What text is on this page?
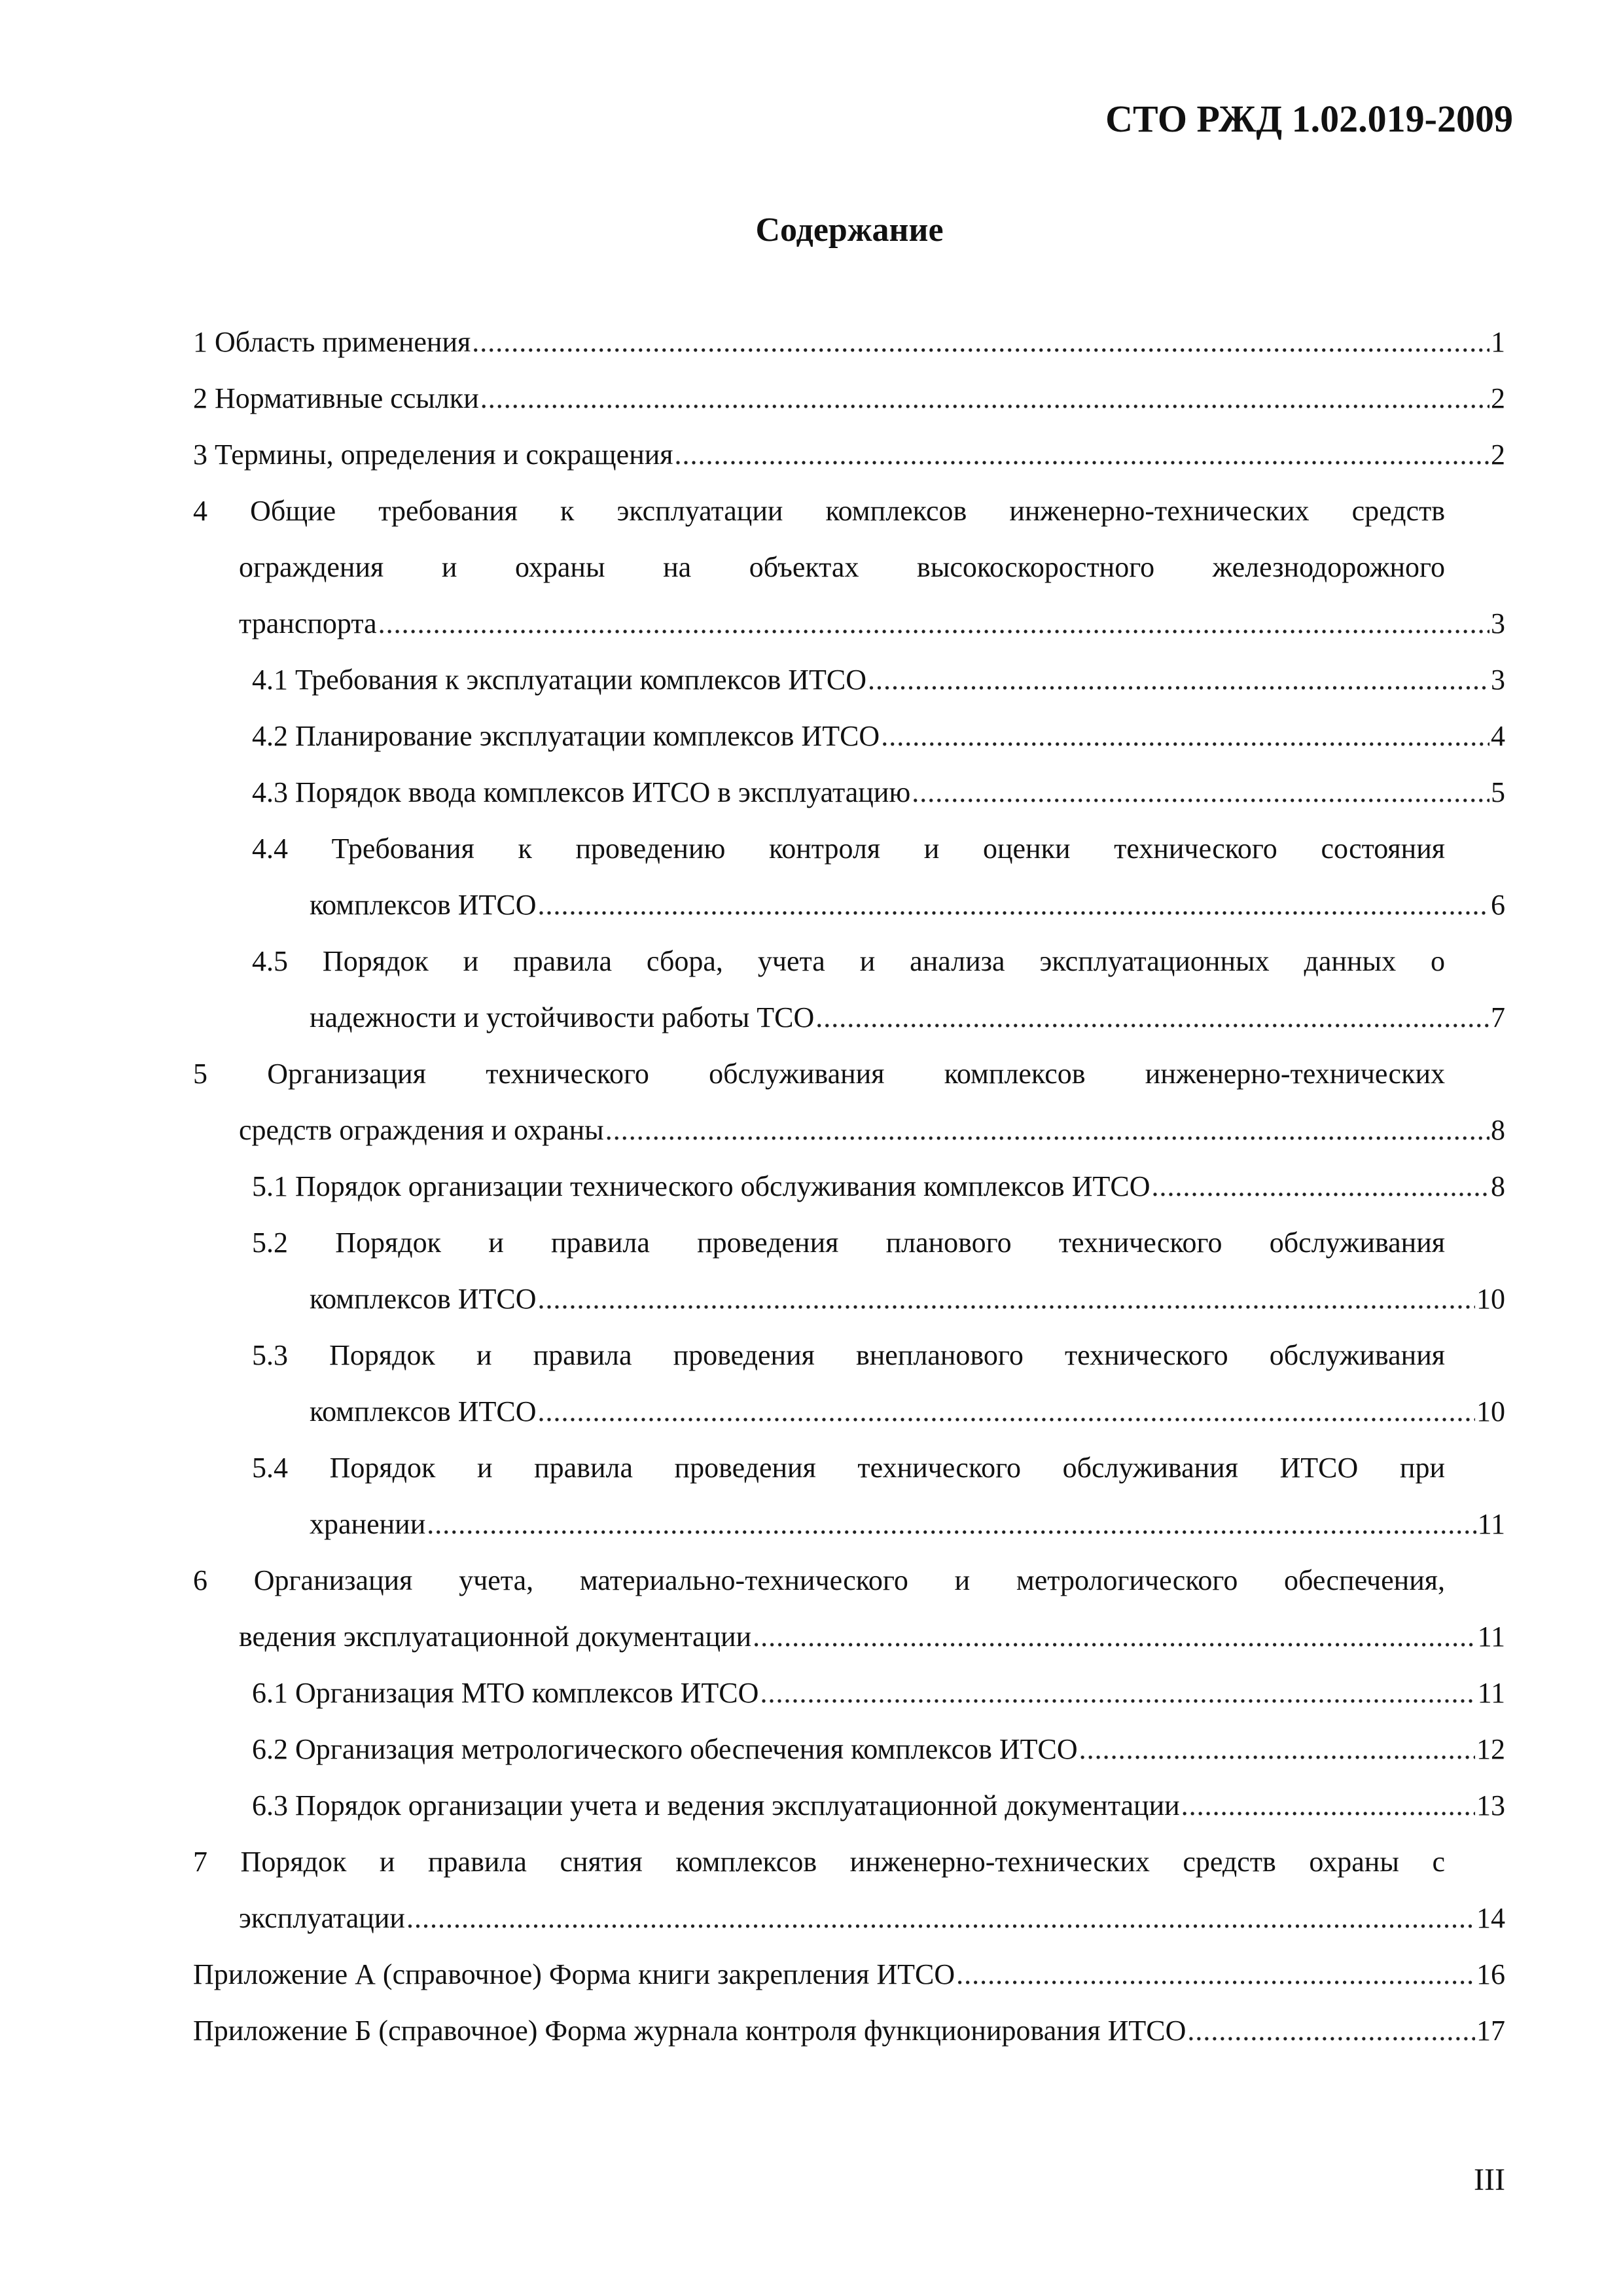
СТО РЖД 1.02.019-2009
Содержание
1 Область применения .....	1
2 Нормативные ссылки .....	2
3 Термины, определения и сокращения .....	2
4 Общие требования к эксплуатации комплексов инженерно-технических средств
ограждения и охраны на объектах высокоскоростного железнодорожного
транспорта .....	3
4.1 Требования к эксплуатации комплексов ИТСО .....	3
4.2 Планирование эксплуатации комплексов ИТСО .....	4
4.3 Порядок ввода комплексов ИТСО в эксплуатацию .....	5
4.4 Требования к проведению контроля и оценки технического состояния
комплексов ИТСО .....	6
4.5 Порядок и правила сбора, учета и анализа эксплуатационных данных о
надежности и устойчивости работы ТСО .....	7
5 Организация технического обслуживания комплексов инженерно-технических
средств ограждения и охраны .....	8
5.1 Порядок организации технического обслуживания комплексов ИТСО .....	8
5.2 Порядок и правила проведения планового технического обслуживания
комплексов ИТСО .....	10
5.3 Порядок и правила проведения внепланового технического обслуживания
комплексов ИТСО .....	10
5.4 Порядок и правила проведения технического обслуживания ИТСО при
хранении .....	11
6 Организация учета, материально-технического и метрологического обеспечения,
ведения эксплуатационной документации .....	11
6.1 Организация МТО комплексов ИТСО .....	11
6.2 Организация метрологического обеспечения комплексов ИТСО .....	12
6.3 Порядок организации учета и ведения эксплуатационной документации .....	13
7 Порядок и правила снятия комплексов инженерно-технических средств охраны с
эксплуатации .....	14
Приложение А (справочное) Форма книги закрепления ИТСО .....	16
Приложение Б (справочное) Форма журнала контроля функционирования ИТСО .....	17
III
